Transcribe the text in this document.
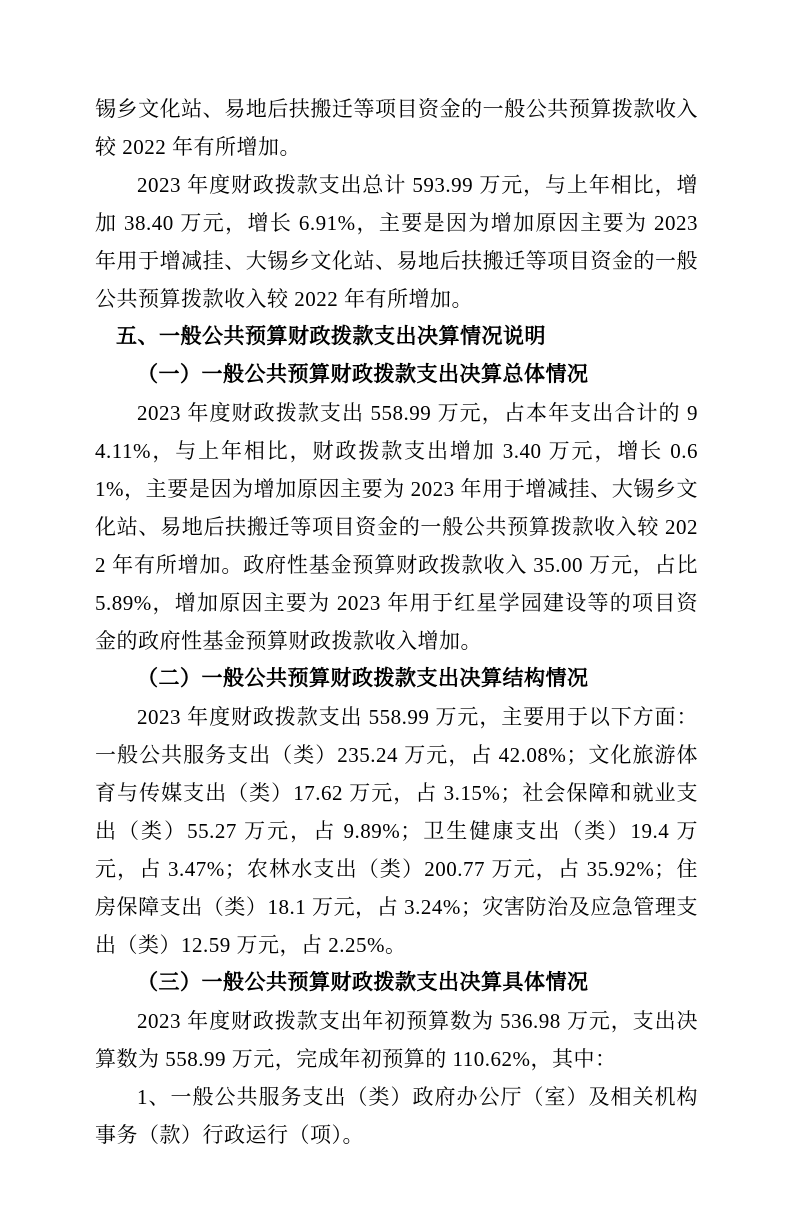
锡乡文化站、易地后扶搬迁等项目资金的一般公共预算拨款收入较 2022 年有所增加。

2023 年度财政拨款支出总计 593.99 万元，与上年相比，增加 38.40 万元，增长 6.91%，主要是因为增加原因主要为 2023 年用于增减挂、大锡乡文化站、易地后扶搬迁等项目资金的一般公共预算拨款收入较 2022 年有所增加。

五、一般公共预算财政拨款支出决算情况说明
（一）一般公共预算财政拨款支出决算总体情况

2023 年度财政拨款支出 558.99 万元，占本年支出合计的 94.11%，与上年相比，财政拨款支出增加 3.40 万元，增长 0.61%，主要是因为增加原因主要为 2023 年用于增减挂、大锡乡文化站、易地后扶搬迁等项目资金的一般公共预算拨款收入较 2022 年有所增加。政府性基金预算财政拨款收入 35.00 万元，占比 5.89%，增加原因主要为 2023 年用于红星学园建设等的项目资金的政府性基金预算财政拨款收入增加。

（二）一般公共预算财政拨款支出决算结构情况

2023 年度财政拨款支出 558.99 万元，主要用于以下方面：一般公共服务支出（类）235.24 万元，占 42.08%；文化旅游体育与传媒支出（类）17.62 万元，占 3.15%；社会保障和就业支出（类）55.27 万元，占 9.89%；卫生健康支出（类）19.4 万元，占 3.47%；农林水支出（类）200.77 万元，占 35.92%；住房保障支出（类）18.1 万元，占 3.24%；灾害防治及应急管理支出（类）12.59 万元，占 2.25%。

（三）一般公共预算财政拨款支出决算具体情况

2023 年度财政拨款支出年初预算数为 536.98 万元，支出决算数为 558.99 万元，完成年初预算的 110.62%，其中：

1、一般公共服务支出（类）政府办公厅（室）及相关机构事务（款）行政运行（项）。
